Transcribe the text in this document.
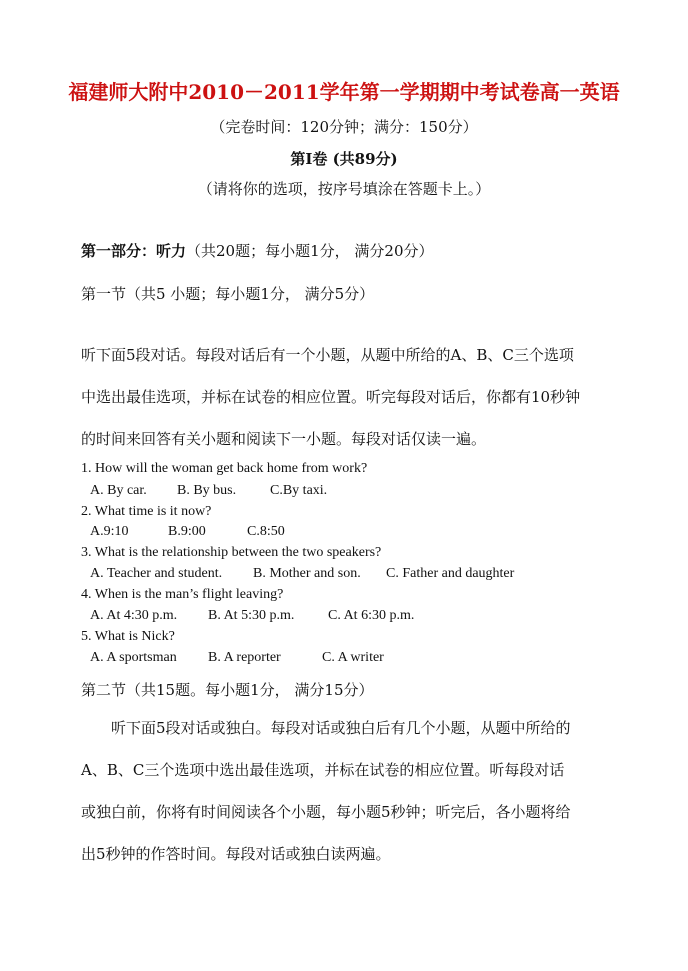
福建师大附中2010－2011学年第一学期期中考试卷高一英语
（完卷时间：120分钟；满分：150分）
第Ⅰ卷 (共89分)
（请将你的选项，按序号填涂在答题卡上。）
第一部分：听力（共20题；每小题1分， 满分20分）
第一节（共5 小题；每小题1分， 满分5分）
听下面5段对话。每段对话后有一个小题，从题中所给的A、B、C三个选项
中选出最佳选项，并标在试卷的相应位置。听完每段对话后，你都有10秒钟
的时间来回答有关小题和阅读下一小题。每段对话仅读一遍。
1. How will the woman get back home from work?
A. By car. B. By bus. C.By taxi.
2. What time is it now?
A.9:10	B.9:00	C.8:50
3. What is the relationship between the two speakers?
A. Teacher and student. B. Mother and son. C. Father and daughter
4. When is the man’s flight leaving?
A. At 4:30 p.m. B. At 5:30 p.m. C. At 6:30 p.m.
5. What is Nick?
A. A sportsman B. A reporter	C. A writer
第二节（共15题。每小题1分， 满分15分）
听下面5段对话或独白。每段对话或独白后有几个小题，从题中所给的
A、B、C三个选项中选出最佳选项，并标在试卷的相应位置。听每段对话
或独白前，你将有时间阅读各个小题，每小题5秒钟；听完后，各小题将给
出5秒钟的作答时间。每段对话或独白读两遍。
